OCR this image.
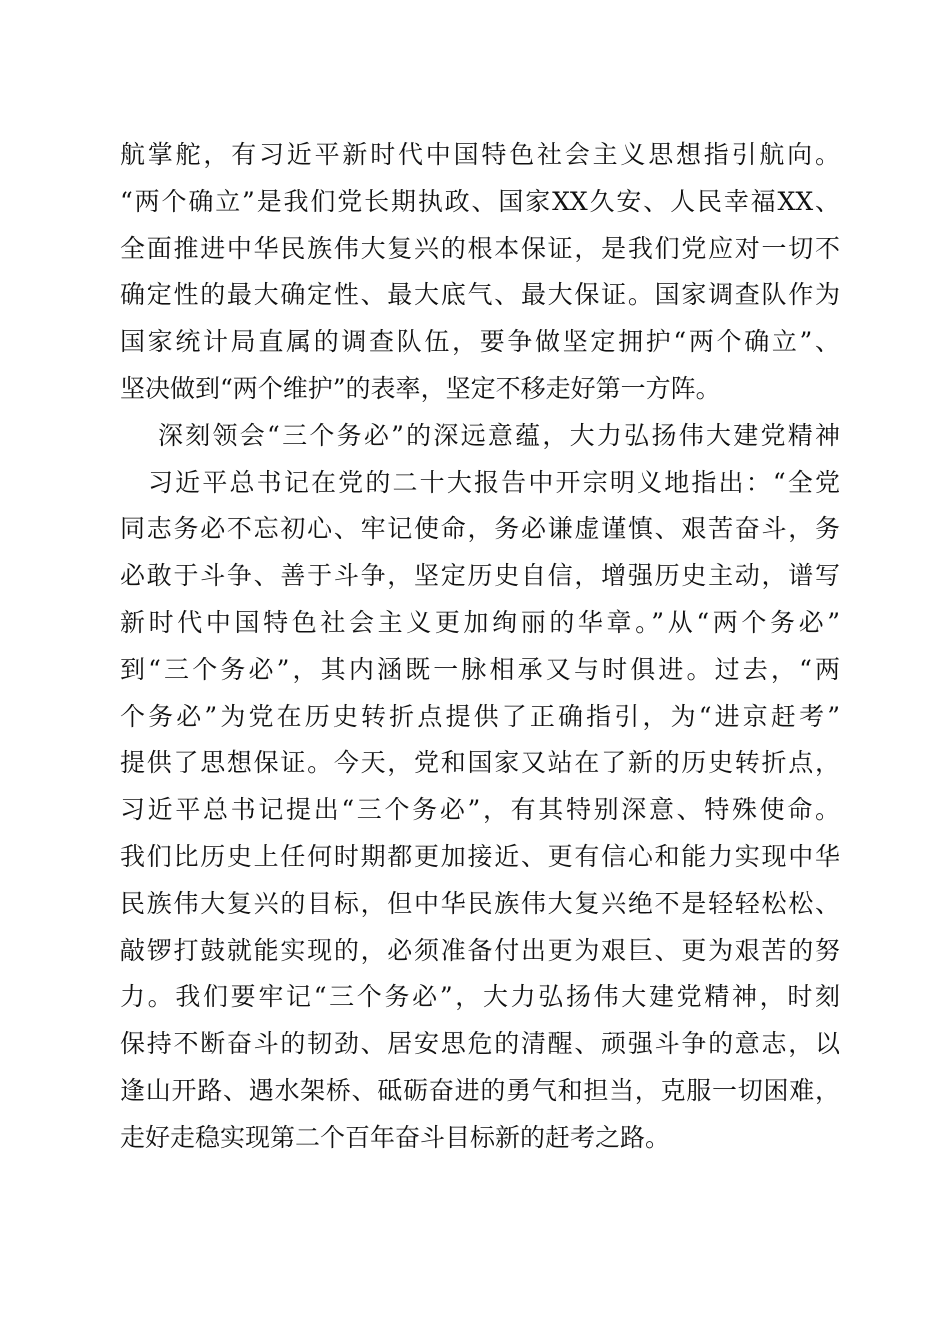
航掌舵，有习近平新时代中国特色社会主义思想指引航向。
“两个确立”是我们党长期执政、国家XX久安、人民幸福XX、
全面推进中华民族伟大复兴的根本保证，是我们党应对一切不
确定性的最大确定性、最大底气、最大保证。国家调查队作为
国家统计局直属的调查队伍，要争做坚定拥护“两个确立”、
坚决做到“两个维护”的表率，坚定不移走好第一方阵。
深刻领会“三个务必”的深远意蕴，大力弘扬伟大建党精神
习近平总书记在党的二十大报告中开宗明义地指出：“全党
同志务必不忘初心、牢记使命，务必谦虚谨慎、艰苦奋斗，务
必敢于斗争、善于斗争，坚定历史自信，增强历史主动，谱写
新时代中国特色社会主义更加绚丽的华章。”从“两个务必”
到“三个务必”，其内涵既一脉相承又与时俱进。过去，“两
个务必”为党在历史转折点提供了正确指引，为“进京赶考”
提供了思想保证。今天，党和国家又站在了新的历史转折点，
习近平总书记提出“三个务必”，有其特别深意、特殊使命。
我们比历史上任何时期都更加接近、更有信心和能力实现中华
民族伟大复兴的目标，但中华民族伟大复兴绝不是轻轻松松、
敲锣打鼓就能实现的，必须准备付出更为艰巨、更为艰苦的努
力。我们要牢记“三个务必”，大力弘扬伟大建党精神，时刻
保持不断奋斗的韧劲、居安思危的清醒、顽强斗争的意志，以
逢山开路、遇水架桥、砥砺奋进的勇气和担当，克服一切困难，
走好走稳实现第二个百年奋斗目标新的赶考之路。
